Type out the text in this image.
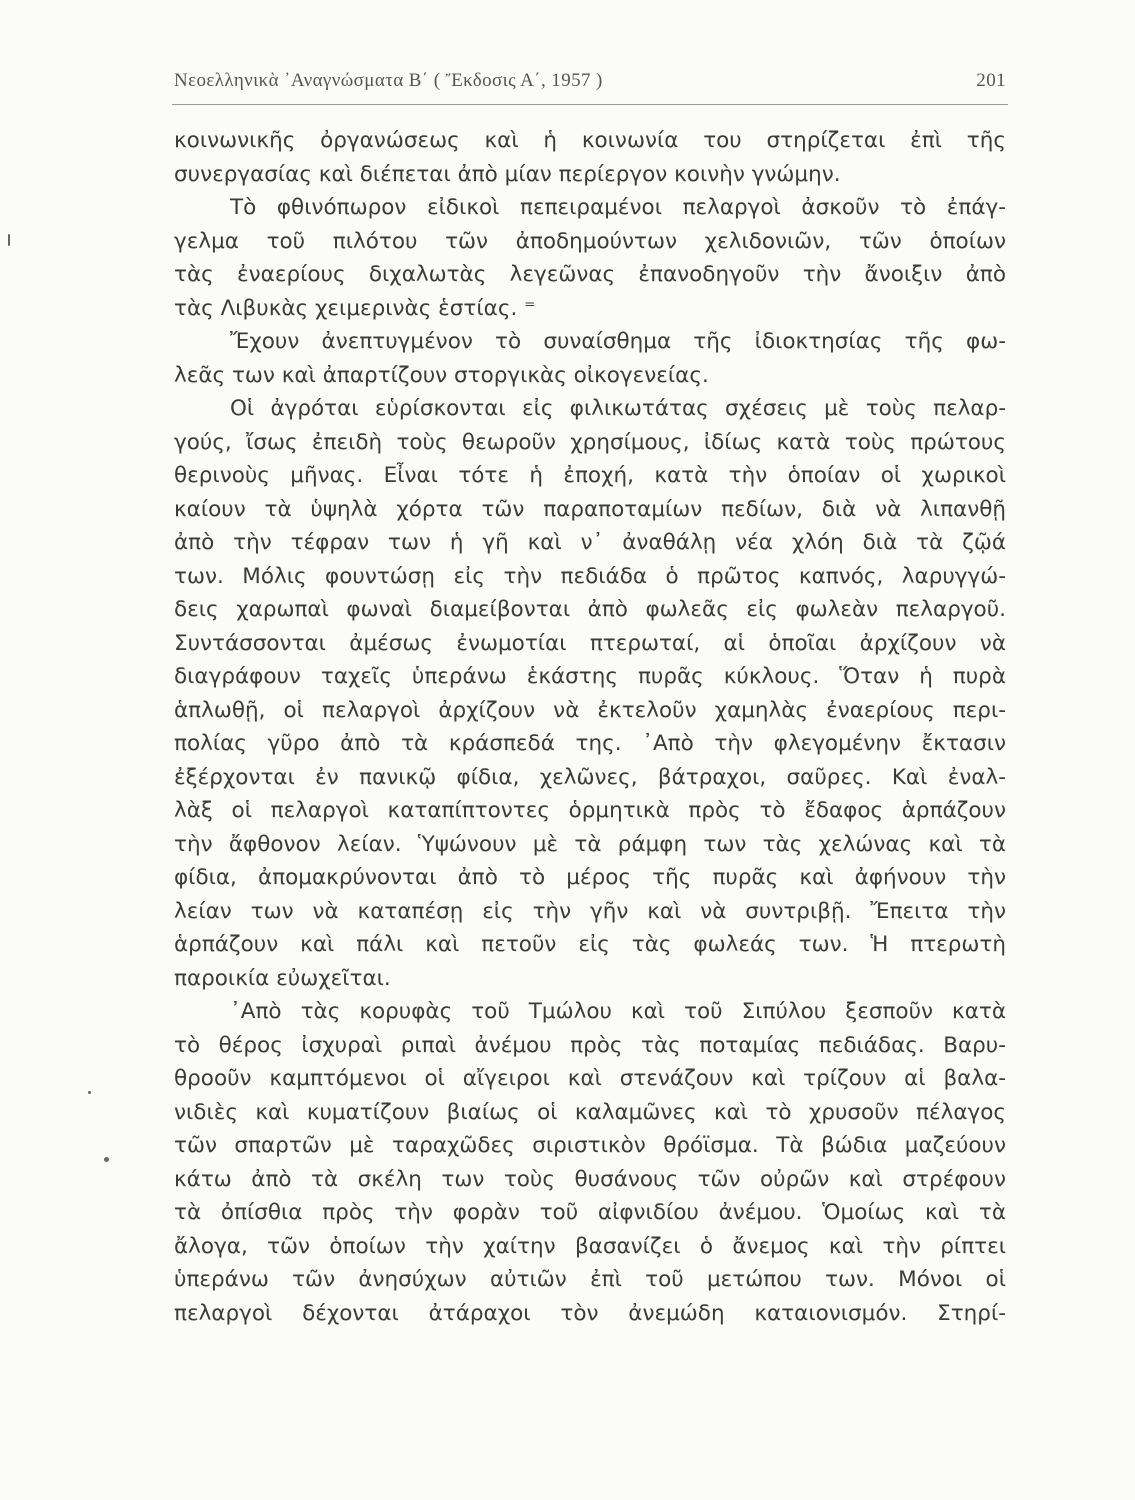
Νεοελληνικὰ ᾿Αναγνώσματα Β΄ ( Ἔκδοσις Α΄, 1957 )	201
κοινωνικῆς ὀργανώσεως καὶ ἡ κοινωνία του στηρίζεται ἐπὶ τῆς
συνεργασίας καὶ διέπεται ἀπὸ μίαν περίεργον κοινὴν γνώμην.
Τὸ φθινόπωρον εἰδικοὶ πεπειραμένοι πελαργοὶ ἀσκοῦν τὸ ἐπάγ-
γελμα τοῦ πιλότου τῶν ἀποδημούντων χελιδονιῶν, τῶν ὁποίων
τὰς ἐναερίους διχαλωτὰς λεγεῶνας ἐπανοδηγοῦν τὴν ἄνοιξιν ἀπὸ
τὰς Λιβυκὰς χειμερινὰς ἑστίας. ⁼
Ἔχουν ἀνεπτυγμένον τὸ συναίσθημα τῆς ἰδιοκτησίας τῆς φω-
λεᾶς των καὶ ἀπαρτίζουν στοργικὰς οἰκογενείας.
Οἱ ἀγρόται εὑρίσκονται εἰς φιλικωτάτας σχέσεις μὲ τοὺς πελαρ-
γούς, ἴσως ἐπειδὴ τοὺς θεωροῦν χρησίμους, ἰδίως κατὰ τοὺς πρώτους
θερινοὺς μῆνας. Εἶναι τότε ἡ ἐποχή, κατὰ τὴν ὁποίαν οἱ χωρικοὶ
καίουν τὰ ὑψηλὰ χόρτα τῶν παραποταμίων πεδίων, διὰ νὰ λιπανθῇ
ἀπὸ τὴν τέφραν των ἡ γῆ καὶ ν᾿ ἀναθάλῃ νέα χλόη διὰ τὰ ζῷά
των. Μόλις φουντώσῃ εἰς τὴν πεδιάδα ὁ πρῶτος καπνός, λαρυγγώ-
δεις χαρωπαὶ φωναὶ διαμείβονται ἀπὸ φωλεᾶς εἰς φωλεὰν πελαργοῦ.
Συντάσσονται ἀμέσως ἐνωμοτίαι πτερωταί, αἱ ὁποῖαι ἀρχίζουν νὰ
διαγράφουν ταχεῖς ὑπεράνω ἑκάστης πυρᾶς κύκλους. Ὅταν ἡ πυρὰ
ἁπλωθῇ, οἱ πελαργοὶ ἀρχίζουν νὰ ἐκτελοῦν χαμηλὰς ἐναερίους περι-
πολίας γῦρο ἀπὸ τὰ κράσπεδά της. ᾿Απὸ τὴν φλεγομένην ἔκτασιν
ἐξέρχονται ἐν πανικῷ φίδια, χελῶνες, βάτραχοι, σαῦρες. Καὶ ἐναλ-
λὰξ οἱ πελαργοὶ καταπίπτοντες ὁρμητικὰ πρὸς τὸ ἔδαφος ἁρπάζουν
τὴν ἄφθονον λείαν. Ὑψώνουν μὲ τὰ ράμφη των τὰς χελώνας καὶ τὰ
φίδια, ἀπομακρύνονται ἀπὸ τὸ μέρος τῆς πυρᾶς καὶ ἀφήνουν τὴν
λείαν των νὰ καταπέσῃ εἰς τὴν γῆν καὶ νὰ συντριβῇ. Ἔπειτα τὴν
ἁρπάζουν καὶ πάλι καὶ πετοῦν εἰς τὰς φωλεάς των. Ἡ πτερωτὴ
παροικία εὐωχεῖται.
᾿Απὸ τὰς κορυφὰς τοῦ Τμώλου καὶ τοῦ Σιπύλου ξεσποῦν κατὰ
τὸ θέρος ἰσχυραὶ ριπαὶ ἀνέμου πρὸς τὰς ποταμίας πεδιάδας. Βαρυ-
θροοῦν καμπτόμενοι οἱ αἴγειροι καὶ στενάζουν καὶ τρίζουν αἱ βαλα-
νιδιὲς καὶ κυματίζουν βιαίως οἱ καλαμῶνες καὶ τὸ χρυσοῦν πέλαγος
τῶν σπαρτῶν μὲ ταραχῶδες σιριστικὸν θρόϊσμα. Τὰ βώδια μαζεύουν
κάτω ἀπὸ τὰ σκέλη των τοὺς θυσάνους τῶν οὐρῶν καὶ στρέφουν
τὰ ὀπίσθια πρὸς τὴν φορὰν τοῦ αἰφνιδίου ἀνέμου. Ὁμοίως καὶ τὰ
ἄλογα, τῶν ὁποίων τὴν χαίτην βασανίζει ὁ ἄνεμος καὶ τὴν ρίπτει
ὑπεράνω τῶν ἀνησύχων αὐτιῶν ἐπὶ τοῦ μετώπου των. Μόνοι οἱ
πελαργοὶ δέχονται ἀτάραχοι τὸν ἀνεμώδη καταιονισμόν. Στηρί-
